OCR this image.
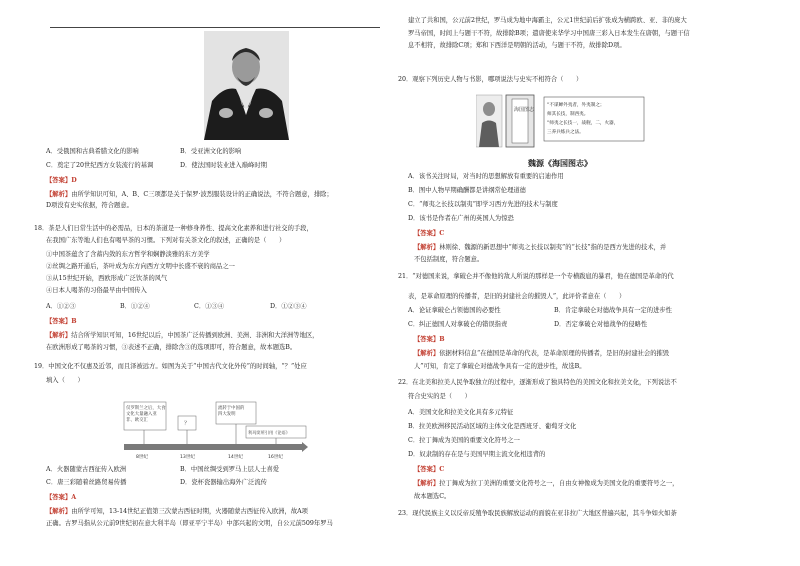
A．受俄国和古典希腊文化的影响	B．受亚洲文化的影响
C．奠定了20世纪西方女装流行的基调	D．使法国时装业进入巅峰时期
【答案】D
【解析】由所学知识可知，A、B、C三项都是关于保罗·波烈服装设计的正确说法，不符合题意，排除；
D项没有史实依据，符合题意。
18．茶是人们日常生活中的必需品，日本的茶道是一种修身养性、提高文化素养和进行社交的手段，
在我国广东等地人们也有喝早茶的习惯。下列对有关茶文化的叙述，正确的是（　　）
①中国茶蕴含了含蓄内敛的东方哲学和娴静淡雅的东方美学
②丝绸之路开通后，茶叶成为东方向西方文明中长盛不衰的商品之一
③从15世纪开始，西欧形成广泛饮茶的风气
④日本人喝茶的习俗最早由中国传入
A．①②③	B．①②④	C．①③④	D．①②③④
【答案】B
【解析】结合所学知识可知，16世纪以后，中国茶广泛传播到欧洲、美洲、非洲和大洋洲等地区，
在欧洲形成了喝茶的习惯，③表述不正确，排除含③的选项即可，符合题意，故本题选B。
19．中国文化不仅惠及近邻，而且泽被远方。如图为关于“中国古代文化外传”的时间轴，“？”处应
填入（　　）
仅罗斯兰之后，大食
文化大量融入亚
非、欧交汇
？
流转于中国的
四大发明
利玛窦所引用《论语》
8世纪	13世纪	14世纪	16世纪
A．火器随蒙古西征传入欧洲	B．中国丝绸受到罗马上层人士喜爱
C．唐三彩随着丝路贸易传播	D．瓷杯瓷器输出海外广泛流传
【答案】A
【解析】由所学可知，13-14世纪正值第三次蒙古西征时期，火器随蒙古西征传入欧洲，故A项
正确。古罗马指从公元前9世纪初在意大利半岛（即亚平宁半岛）中部兴起的文明，自公元前509年罗马
建立了共和国，公元前2世纪，罗马成为地中海霸主，公元1世纪前后扩张成为横跨欧、亚、非的庞大
罗马帝国，时间上与题干不符，故排除B项；遣唐使来华学习中国唐三彩入日本发生在唐朝，与题干信
息不相符，故排除C项；郑和下西洋是明朝的活动，与题干不符，故排除D项。
20．观察下列历史人物与书影，哪项说法与史实不相符合（　　）
海国图志
“不谋蝉外夷者，外夷制之；
师其长技，制西夷。
“师夷之长技一，战舰，二，火器，
三养兵练兵之法。
魏源《海国图志》
A．该书关注时局，对当时的思想解放有重要的启迪作用
B．图中人物早期确酬都是讲纲常伦理道德
C．“师夷之长技以制夷”即学习西方先进的技术与制度
D．该书是作者在广州的英国人为惊恐
【答案】C
【解析】林则徐、魏源的新思想中“师夷之长技以制夷”的“长技”指的是西方先进的技术，并
不包括制度，符合题意。
21．“对德国来说，拿破仑并不像他的敌人所说的那样是一个专横跋扈的暴君，他在德国是革命的代
表，是革命原理的传播者，是旧的封建社会的摧毁人”，此评价者意在（　　）
A．论证拿破仑占领德国的必要性	B．肯定拿破仑对德战争具有一定的进步性
C．纠正德国人对拿破仑的错误指责	D．否定拿破仑对德战争的侵略性
【答案】B
【解析】依据材料信息“在德国是革命的代表，是革命原理的传播者，是旧的封建社会的摧毁
人”可知，肯定了拿破仑对德战争具有一定的进步性，故选B。
22．在北美和拉美人民争取独立的过程中，逐渐形成了独具特色的美国文化和拉美文化，下列说法不
符合史实的是（　　）
A．美国文化和拉美文化具有多元特征
B．拉美欧洲移民活动区域的主体文化是西班牙、葡萄牙文化
C．拉丁舞成为美国的重要文化符号之一
D．奴隶制的存在是与美国早期主流文化相违背的
【答案】C
【解析】拉丁舞成为拉丁美洲的重要文化符号之一，自由女神像成为美国文化的重要符号之一，
故本题选C。
23．现代民族主义以反帝反殖争取民族解放运动的面貌在亚非拉广大地区普遍兴起，其斗争如火如荼
